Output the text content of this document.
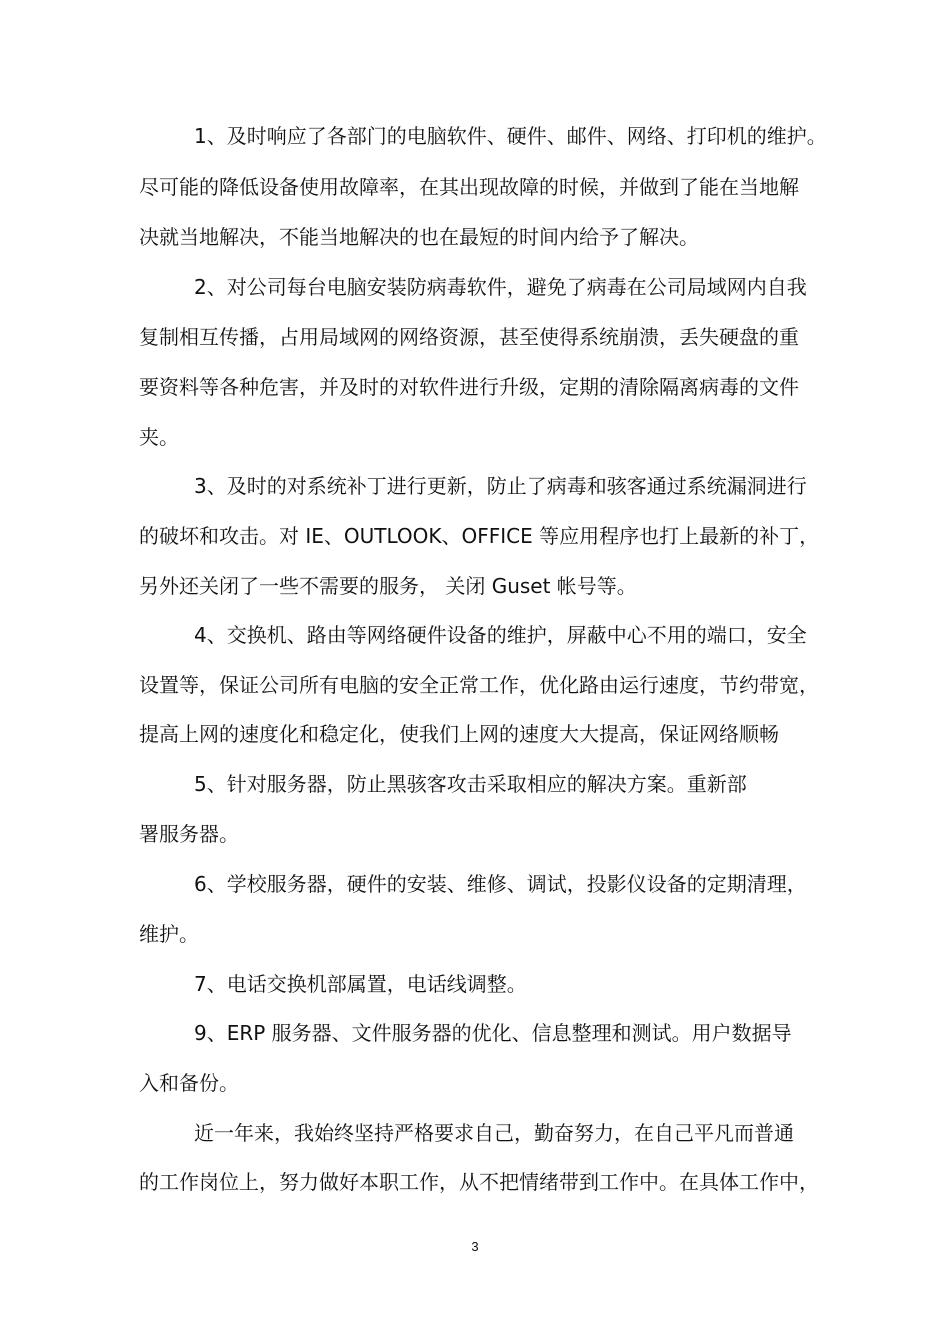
1、及时响应了各部门的电脑软件、硬件、邮件、网络、打印机的维护。
尽可能的降低设备使用故障率，在其出现故障的时候，并做到了能在当地解
决就当地解决，不能当地解决的也在最短的时间内给予了解决。
2、对公司每台电脑安装防病毒软件，避免了病毒在公司局域网内自我
复制相互传播，占用局域网的网络资源，甚至使得系统崩溃，丢失硬盘的重
要资料等各种危害，并及时的对软件进行升级，定期的清除隔离病毒的文件
夹。
3、及时的对系统补丁进行更新，防止了病毒和骇客通过系统漏洞进行
的破坏和攻击。对 IE、OUTLOOK、OFFICE 等应用程序也打上最新的补丁，
另外还关闭了一些不需要的服务， 关闭 Guset 帐号等。
4、交换机、路由等网络硬件设备的维护，屏蔽中心不用的端口，安全
设置等，保证公司所有电脑的安全正常工作，优化路由运行速度，节约带宽，
提高上网的速度化和稳定化，使我们上网的速度大大提高，保证网络顺畅
5、针对服务器，防止黑骇客攻击采取相应的解决方案。重新部
署服务器。
6、学校服务器，硬件的安装、维修、调试，投影仪设备的定期清理，
维护。
7、电话交换机部属置，电话线调整。
9、ERP 服务器、文件服务器的优化、信息整理和测试。用户数据导
入和备份。
近一年来，我始终坚持严格要求自己，勤奋努力，在自己平凡而普通
的工作岗位上，努力做好本职工作，从不把情绪带到工作中。在具体工作中，
3
